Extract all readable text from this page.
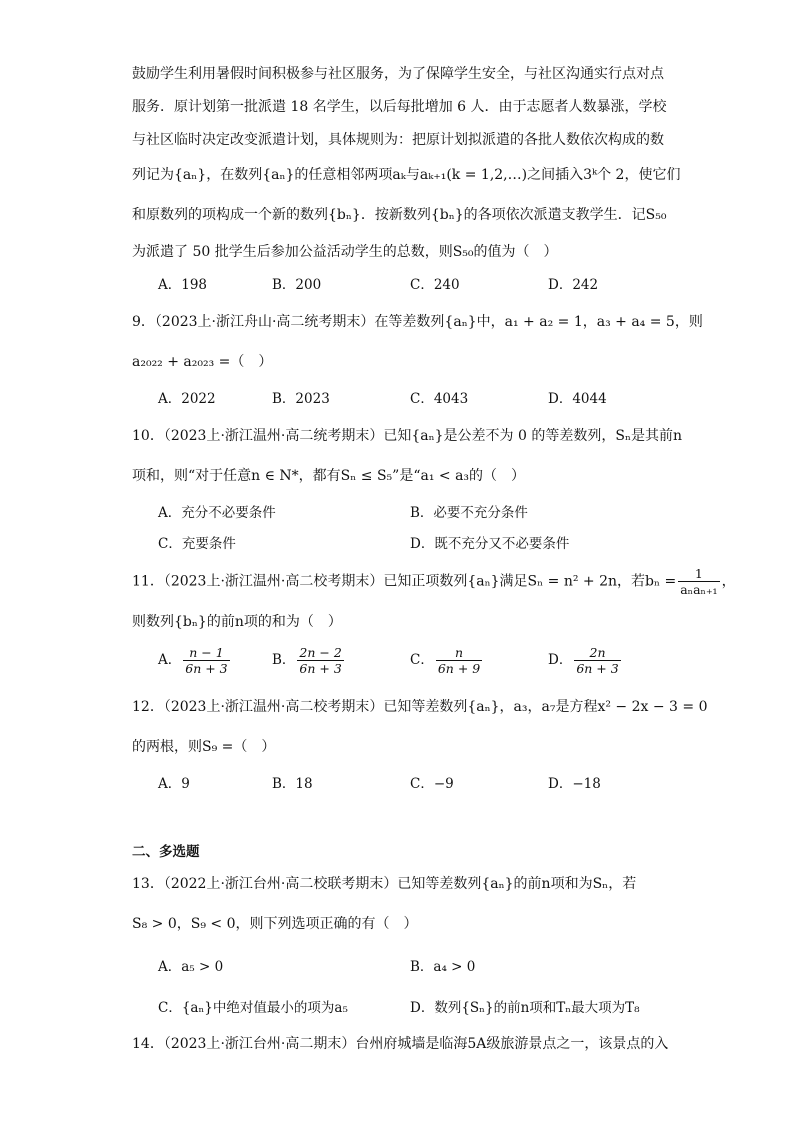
鼓励学生利用暑假时间积极参与社区服务，为了保障学生安全，与社区沟通实行点对点
服务．原计划第一批派遣 18 名学生，以后每批增加 6 人．由于志愿者人数暴涨，学校
与社区临时决定改变派遣计划，具体规则为：把原计划拟派遣的各批人数依次构成的数
列记为{aₙ}，在数列{aₙ}的任意相邻两项aₖ与aₖ₊₁(k = 1,2,…)之间插入3ᵏ个 2，使它们
和原数列的项构成一个新的数列{bₙ}．按新数列{bₙ}的各项依次派遣支教学生．记S₅₀
为派遣了 50 批学生后参加公益活动学生的总数，则S₅₀的值为（　）
A．198	B．200	C．240	D．242
9．（2023上·浙江舟山·高二统考期末）在等差数列{aₙ}中，a₁ + a₂ = 1，a₃ + a₄ = 5，则
a₂₀₂₂ + a₂₀₂₃ =（　）
A．2022	B．2023	C．4043	D．4044
10．（2023上·浙江温州·高二统考期末）已知{aₙ}是公差不为 0 的等差数列，Sₙ是其前n
项和，则“对于任意n ∈ N*，都有Sₙ ≤ S₅”是“a₁ < a₃的（　）
A．充分不必要条件	B．必要不充分条件
C．充要条件	D．既不充分又不必要条件
11．（2023上·浙江温州·高二校考期末）已知正项数列{aₙ}满足Sₙ = n² + 2n，若$b_n = \frac{1}{\text{aₙaₙ₊₁}}$ ，
则数列{bₙ}的前n项的和为（　）
A． $\frac{n - 1}{6n + 3}$	B． $\frac{2n - 2}{6n + 3}$	C． $\frac{n}{6n + 9}$	D． $\frac{2n}{6n + 3}$
12．（2023上·浙江温州·高二校考期末）已知等差数列{aₙ}，a₃，a₇是方程x² − 2x − 3 = 0
的两根，则S₉ =（　）
A．9	B．18	C．−9	D．−18
二、多选题
13．（2022上·浙江台州·高二校联考期末）已知等差数列{aₙ}的前n项和为Sₙ，若
S₈ > 0，S₉ < 0，则下列选项正确的有（　）
A．a₅ > 0	B．a₄ > 0
C．{aₙ}中绝对值最小的项为a₅	D．数列{Sₙ}的前n项和Tₙ最大项为T₈
14．（2023上·浙江台州·高二期末）台州府城墙是临海5A级旅游景点之一，该景点的入
